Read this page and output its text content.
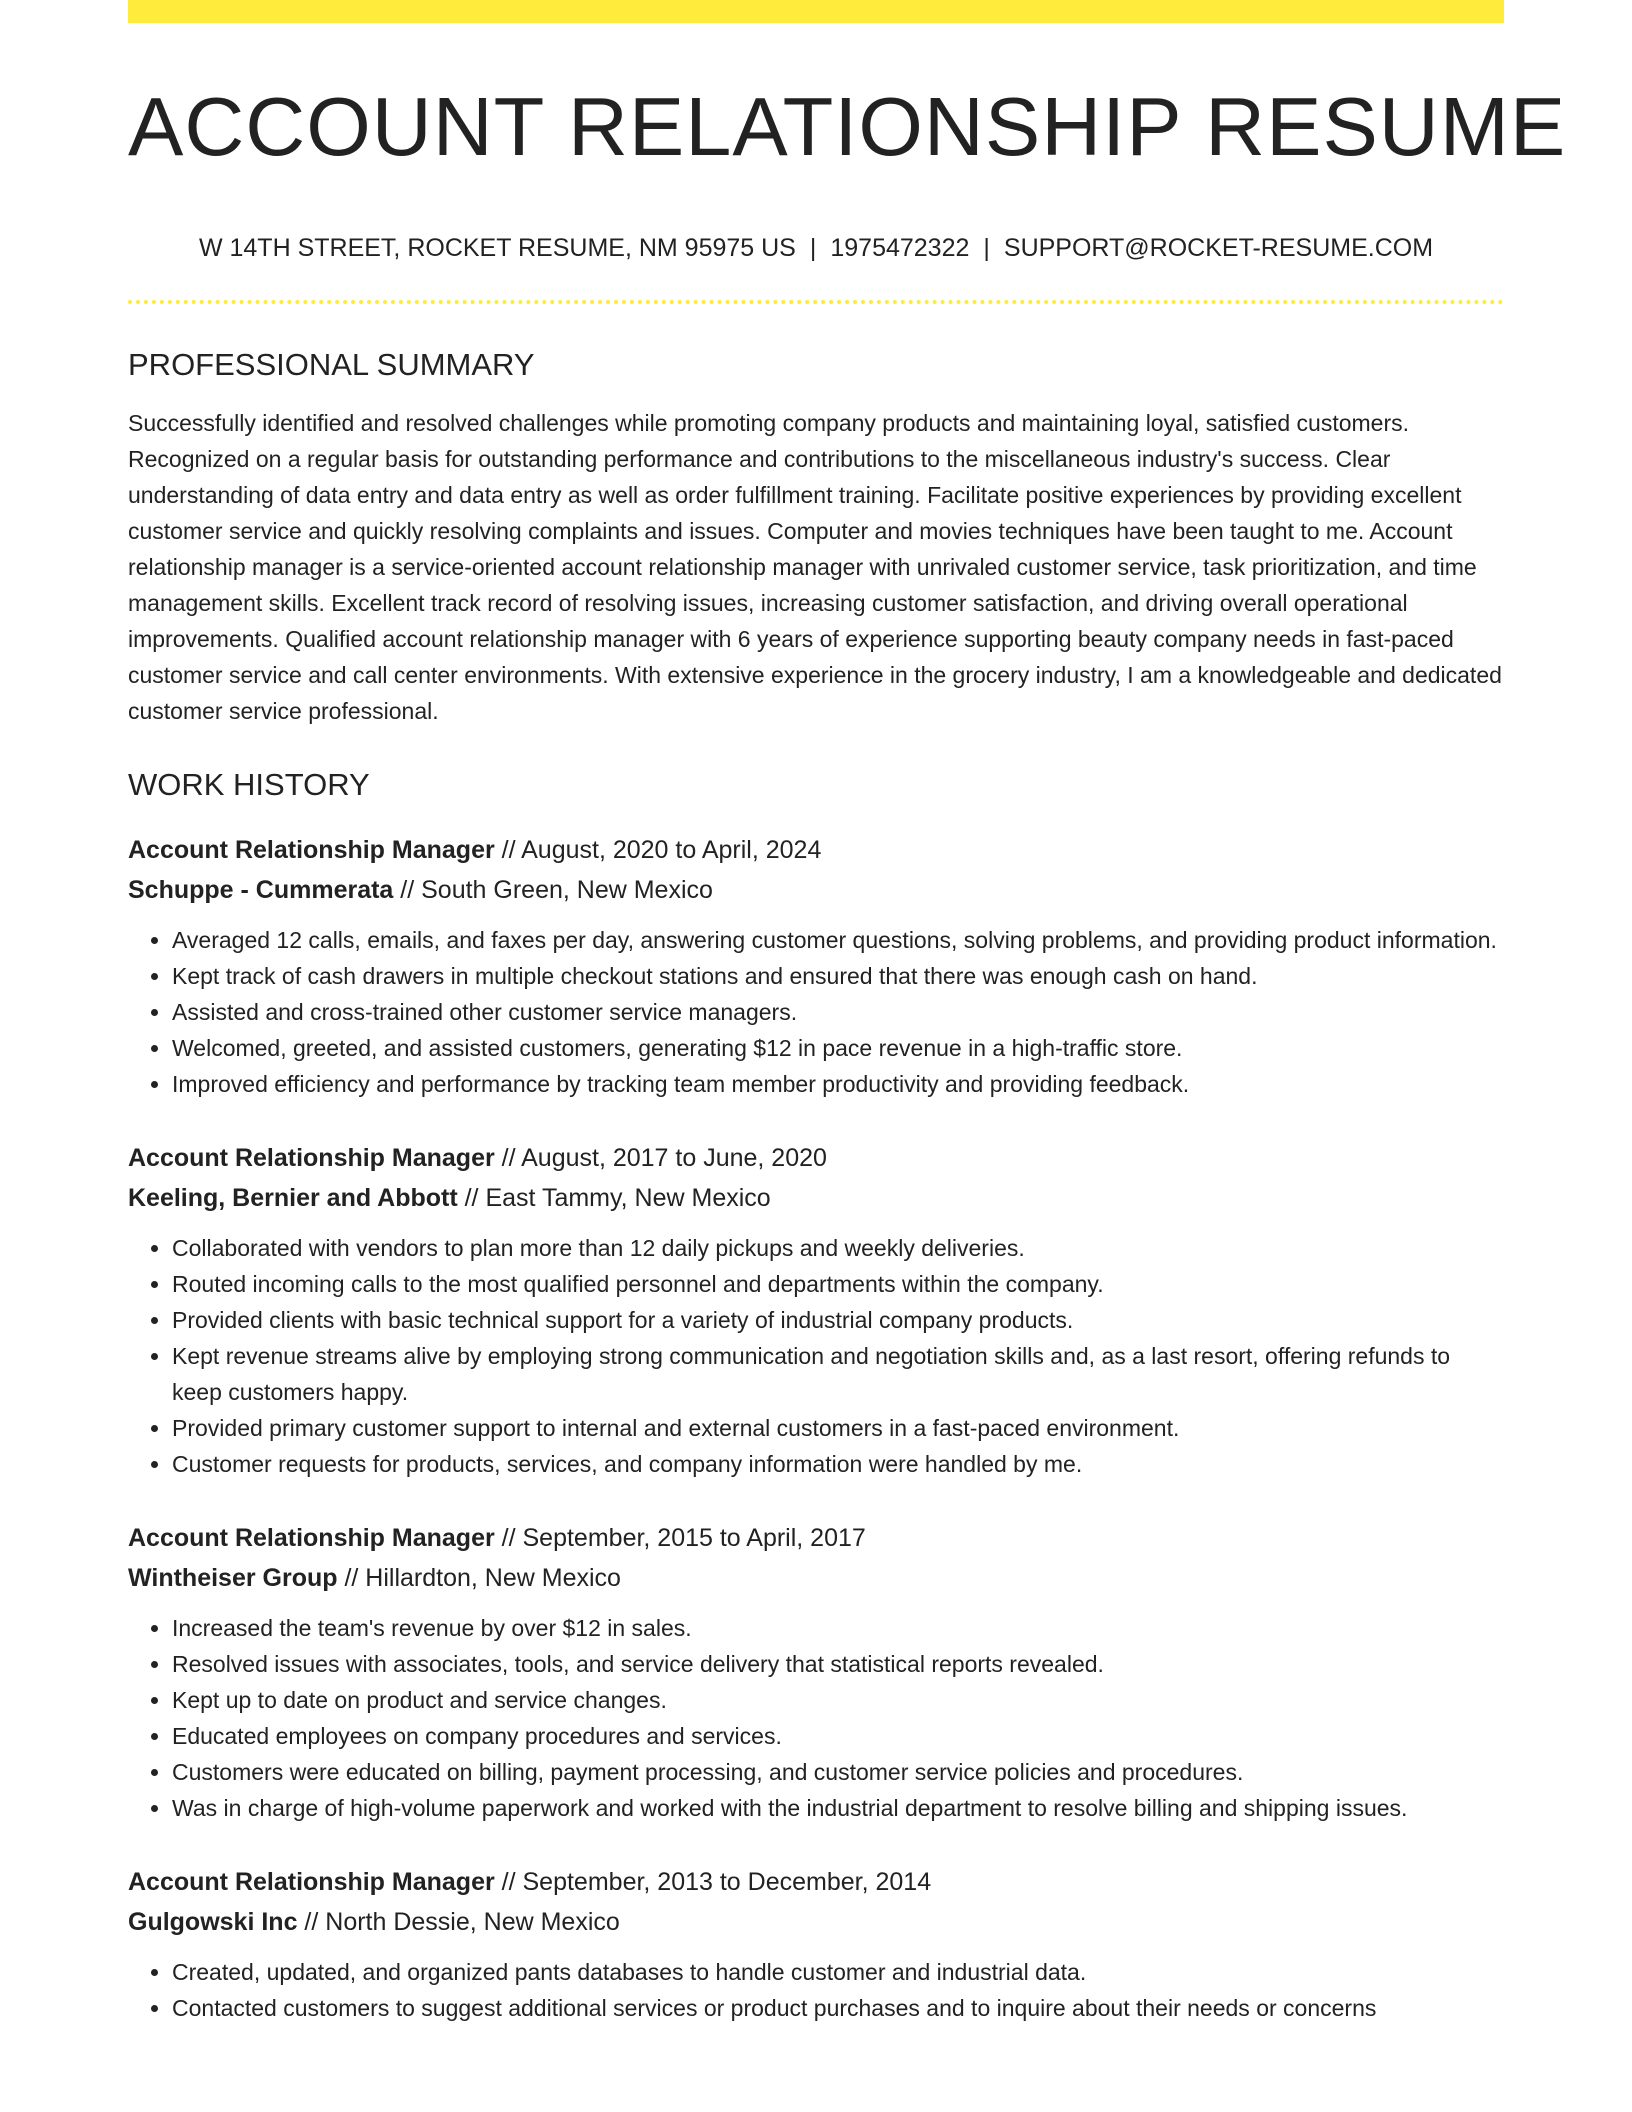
ACCOUNT RELATIONSHIP RESUME
W 14TH STREET, ROCKET RESUME, NM 95975 US | 1975472322 | SUPPORT@ROCKET-RESUME.COM
PROFESSIONAL SUMMARY

Successfully identified and resolved challenges while promoting company products and maintaining loyal, satisfied customers. Recognized on a regular basis for outstanding performance and contributions to the miscellaneous industry's success. Clear understanding of data entry and data entry as well as order fulfillment training. Facilitate positive experiences by providing excellent customer service and quickly resolving complaints and issues. Computer and movies techniques have been taught to me. Account relationship manager is a service-oriented account relationship manager with unrivaled customer service, task prioritization, and time management skills. Excellent track record of resolving issues, increasing customer satisfaction, and driving overall operational improvements. Qualified account relationship manager with 6 years of experience supporting beauty company needs in fast-paced customer service and call center environments. With extensive experience in the grocery industry, I am a knowledgeable and dedicated customer service professional.

WORK HISTORY
Account Relationship Manager // August, 2020 to April, 2024
Schuppe - Cummerata // South Green, New Mexico
• Averaged 12 calls, emails, and faxes per day, answering customer questions, solving problems, and providing product information.
• Kept track of cash drawers in multiple checkout stations and ensured that there was enough cash on hand.
• Assisted and cross-trained other customer service managers.
• Welcomed, greeted, and assisted customers, generating $12 in pace revenue in a high-traffic store.
• Improved efficiency and performance by tracking team member productivity and providing feedback.
Account Relationship Manager // August, 2017 to June, 2020
Keeling, Bernier and Abbott // East Tammy, New Mexico
• Collaborated with vendors to plan more than 12 daily pickups and weekly deliveries.
• Routed incoming calls to the most qualified personnel and departments within the company.
• Provided clients with basic technical support for a variety of industrial company products.
• Kept revenue streams alive by employing strong communication and negotiation skills and, as a last resort, offering refunds to keep customers happy.
• Provided primary customer support to internal and external customers in a fast-paced environment.
• Customer requests for products, services, and company information were handled by me.
Account Relationship Manager // September, 2015 to April, 2017
Wintheiser Group // Hillardton, New Mexico
• Increased the team's revenue by over $12 in sales.
• Resolved issues with associates, tools, and service delivery that statistical reports revealed.
• Kept up to date on product and service changes.
• Educated employees on company procedures and services.
• Customers were educated on billing, payment processing, and customer service policies and procedures.
• Was in charge of high-volume paperwork and worked with the industrial department to resolve billing and shipping issues.
Account Relationship Manager // September, 2013 to December, 2014
Gulgowski Inc // North Dessie, New Mexico
• Created, updated, and organized pants databases to handle customer and industrial data.
• Contacted customers to suggest additional services or product purchases and to inquire about their needs or concerns
